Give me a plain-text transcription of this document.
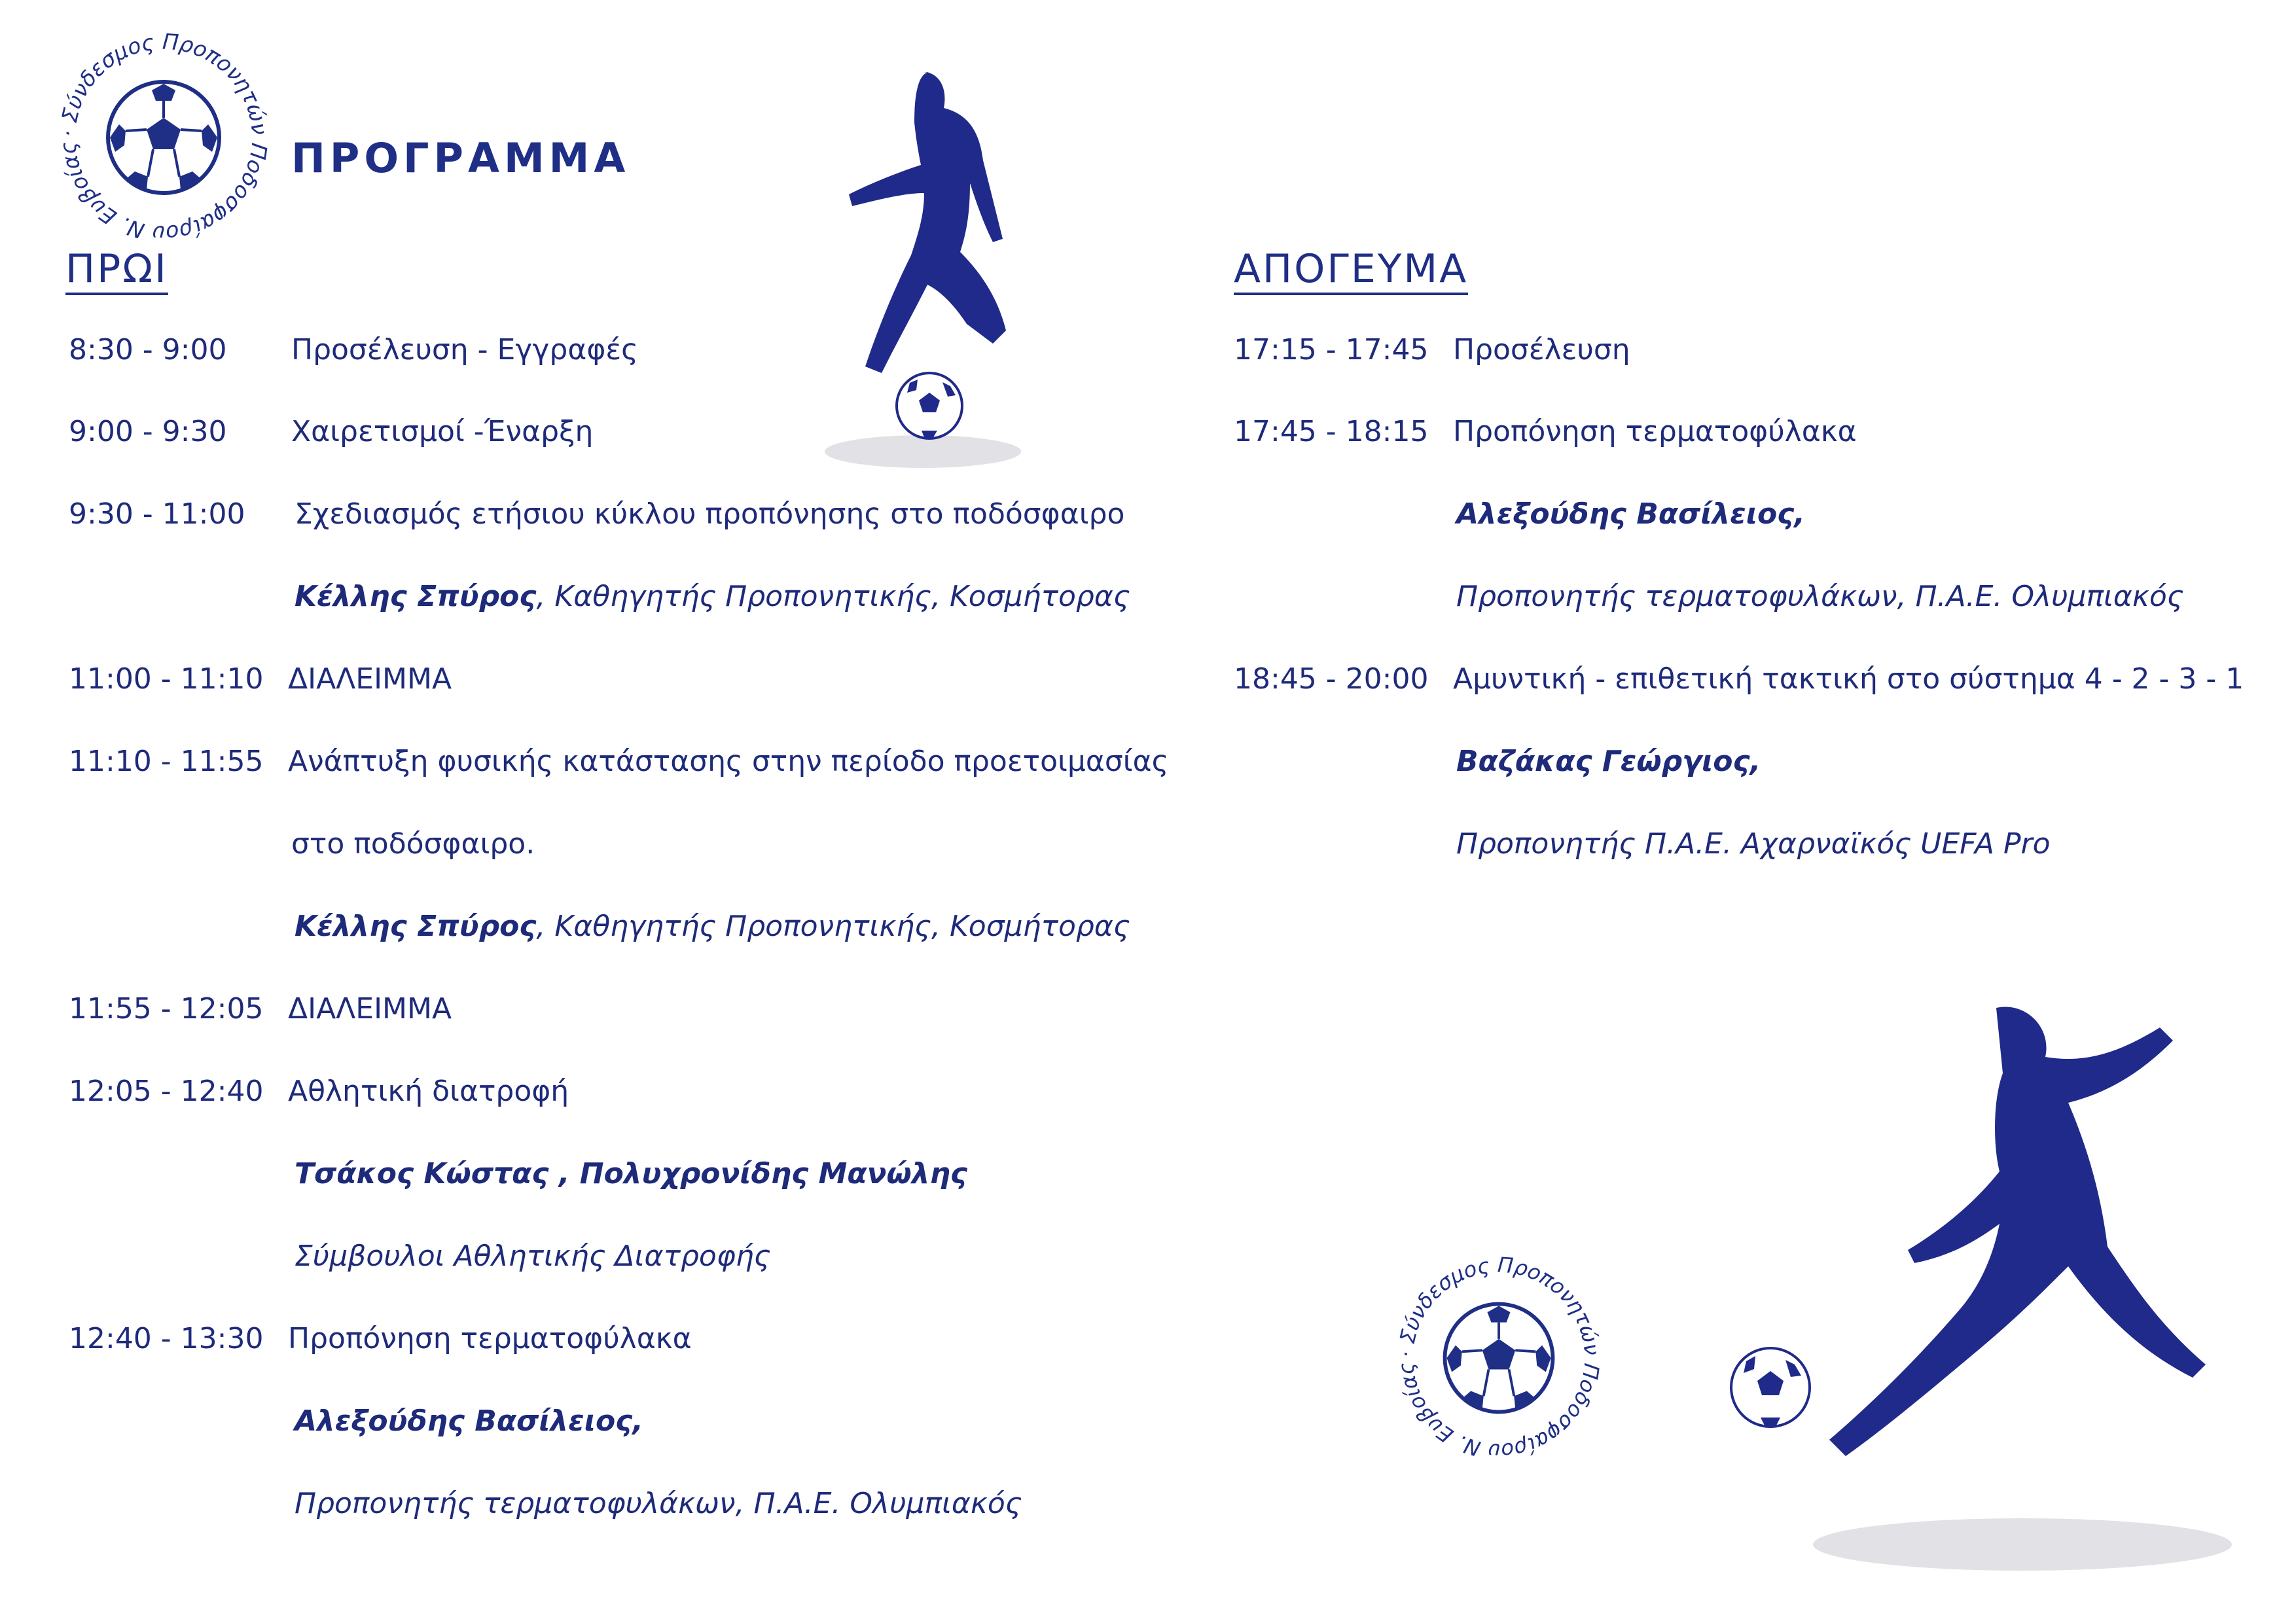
· Σύνδεσμος Προπονητών Ποδοσφαίρου Ν. Ευβοίας	ΠΡΟΓΡΑΜΜΑ
· Σύνδεσμος Προπονητών Ποδοσφαίρου Ν. Ευβοίας
ΠΡΩΙ
8:30 - 9:00 Προσέλευση - Εγγραφές
9:00 - 9:30 Χαιρετισμοί -Έναρξη
9:30 - 11:00 Σχεδιασμός ετήσιου κύκλου προπόνησης στο ποδόσφαιρο
Κέλλης Σπύρος, Καθηγητής Προπονητικής, Κοσμήτορας
11:00 - 11:10 ΔΙΑΛΕΙΜΜΑ
11:10 - 11:55 Ανάπτυξη φυσικής κατάστασης στην περίοδο προετοιμασίας
στο ποδόσφαιρο.
Κέλλης Σπύρος, Καθηγητής Προπονητικής, Κοσμήτορας
11:55 - 12:05 ΔΙΑΛΕΙΜΜΑ
12:05 - 12:40 Αθλητική διατροφή
Τσάκος Κώστας , Πολυχρονίδης Μανώλης
Σύμβουλοι Αθλητικής Διατροφής
12:40 - 13:30 Προπόνηση τερματοφύλακα
Αλεξούδης Βασίλειος,
Προπονητής τερματοφυλάκων, Π.Α.Ε. Ολυμπιακός
ΑΠΟΓΕΥΜΑ
17:15 - 17:45 Προσέλευση
17:45 - 18:15 Προπόνηση τερματοφύλακα
Αλεξούδης Βασίλειος,
Προπονητής τερματοφυλάκων, Π.Α.Ε. Ολυμπιακός
18:45 - 20:00 Αμυντική - επιθετική τακτική στο σύστημα 4 - 2 - 3 - 1
Βαζάκας Γεώργιος,
Προπονητής Π.Α.Ε. Αχαρναϊκός UEFA Pro
